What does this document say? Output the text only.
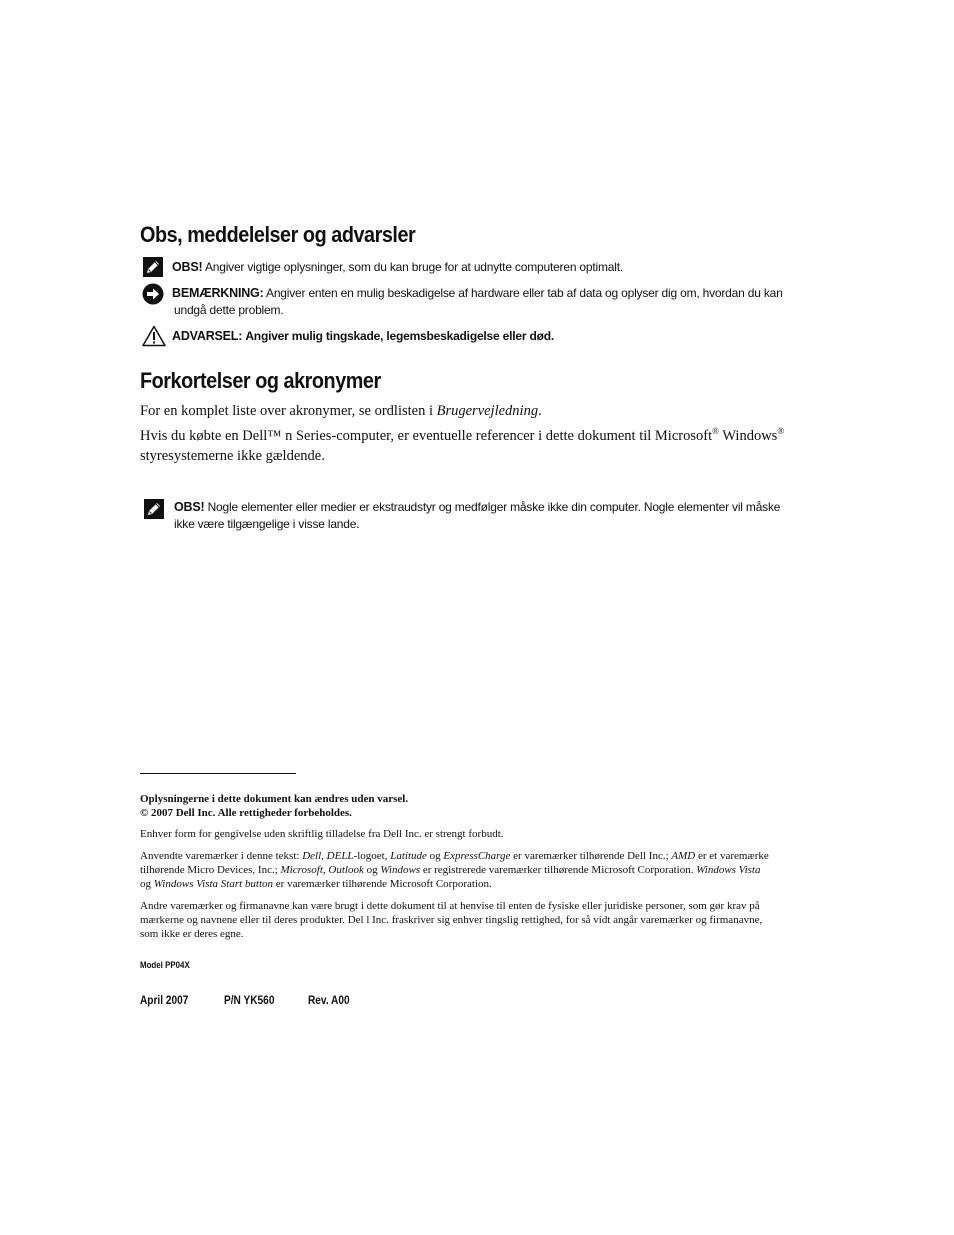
Obs, meddelelser og advarsler
OBS! Angiver vigtige oplysninger, som du kan bruge for at udnytte computeren optimalt.
BEMÆRKNING: Angiver enten en mulig beskadigelse af hardware eller tab af data og oplyser dig om, hvordan du kan
undgå dette problem.
ADVARSEL: Angiver mulig tingskade, legemsbeskadigelse eller død.
Forkortelser og akronymer
For en komplet liste over akronymer, se ordlisten i Brugervejledning.
Hvis du købte en Dell™ n Series-computer, er eventuelle referencer i dette dokument til Microsoft® Windows®
styresystemerne ikke gældende.
OBS! Nogle elementer eller medier er ekstraudstyr og medfølger måske ikke din computer. Nogle elementer vil måske
ikke være tilgængelige i visse lande.
Oplysningerne i dette dokument kan ændres uden varsel.
© 2007 Dell Inc. Alle rettigheder forbeholdes.
Enhver form for gengivelse uden skriftlig tilladelse fra Dell Inc. er strengt forbudt.
Anvendte varemærker i denne tekst: Dell, DELL-logoet, Latitude og ExpressCharge er varemærker tilhørende Dell Inc.; AMD er et varemærke
tilhørende Micro Devices, Inc.; Microsoft, Outlook og Windows er registrerede varemærker tilhørende Microsoft Corporation. Windows Vista
og Windows Vista Start button er varemærker tilhørende Microsoft Corporation.
Andre varemærker og firmanavne kan være brugt i dette dokument til at henvise til enten de fysiske eller juridiske personer, som gør krav på
mærkerne og navnene eller til deres produkter. Del l Inc. fraskriver sig enhver tingslig rettighed, for så vidt angår varemærker og firmanavne,
som ikke er deres egne.
Model PP04X
April 2007	P/N YK560	Rev. A00
